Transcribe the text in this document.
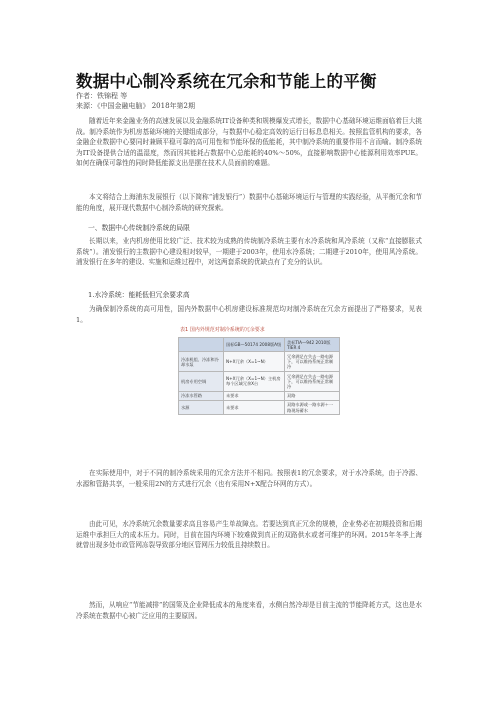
数据中心制冷系统在冗余和节能上的平衡
作者：铁锦程 等
来源：《中国金融电脑》 2018年第2期

随着近年来金融业务的高速发展以及金融系统IT设备种类和规模爆发式增长，数据中心基础环境运维面临着巨大挑战。制冷系统作为机房基础环境的关键组成部分，与数据中心稳定高效的运行目标息息相关。按照监管机构的要求，各金融企业数据中心要同时兼顾平稳可靠的高可用性和节能环保的低能耗，其中制冷系统的重要作用不言而喻。制冷系统为IT设备提供合适的温湿度，然而因其能耗占数据中心总能耗的40%～50%，直接影响数据中心能源利用效率PUE。如何在确保可靠性的同时降低能源支出是摆在技术人员面前的难题。

本文将结合上海浦东发展银行（以下简称“浦发银行”）数据中心基础环境运行与管理的实践经验，从平衡冗余和节能的角度，展开现代数据中心制冷系统的研究探索。

一、数据中心传统制冷系统的局限

长期以来，业内机房使用比较广泛、技术较为成熟的传统制冷系统主要有水冷系统和风冷系统（又称“直接膨胀式系统”）。浦发银行的主数据中心建设相对较早，一期建于2003年，使用水冷系统；二期建于2010年，使用风冷系统。浦发银行在多年的建设、实施和运维过程中，对这两套系统的优缺点有了充分的认识。

1.水冷系统：能耗低但冗余要求高

为确保制冷系统的高可用性，国内外数据中心机房建设标准规范均对制冷系统在冗余方面提出了严格要求，见表1。

表1 国内外规范对制冷系统的冗余要求
	国标GB—50174 2008版A级	美标TIA—942 2010版 TIER 4
冷冻机组、冷冻和冷却水泵	N+X冗余（X=1~N）	冗余满足在失去一路电源下，可以维持系统正常制冷
机房专用空调	N+X冗余（X=1~N）主机房每个区域冗余X台	冗余满足在失去一路电源下，可以维持系统正常制冷
冷冻水管路	未要求	双路
水源	未要求	双路水源或一路水源＋一路现场蓄水

在实际使用中，对于不同的制冷系统采用的冗余方法并不相同。按照表1的冗余要求，对于水冷系统，由于冷源、水源和管路共享，一般采用2N的方式进行冗余（也有采用N+X配合环网的方式）。

由此可见，水冷系统冗余数量要求高且容易产生单故障点。若要达到真正冗余的规模，企业势必在初期投资和后期运维中承担巨大的成本压力。同时，目前在国内环境下较难做到真正的双路供水或者可维护的环网。2015年冬季上海就曾出现多处市政管网冻裂导致部分地区管网压力较低且持续数日。

然而，从响应“节能减排”的国策及企业降低成本的角度来看，水侧自然冷却是目前主流的节能降耗方式，这也是水冷系统在数据中心被广泛应用的主要原因。
